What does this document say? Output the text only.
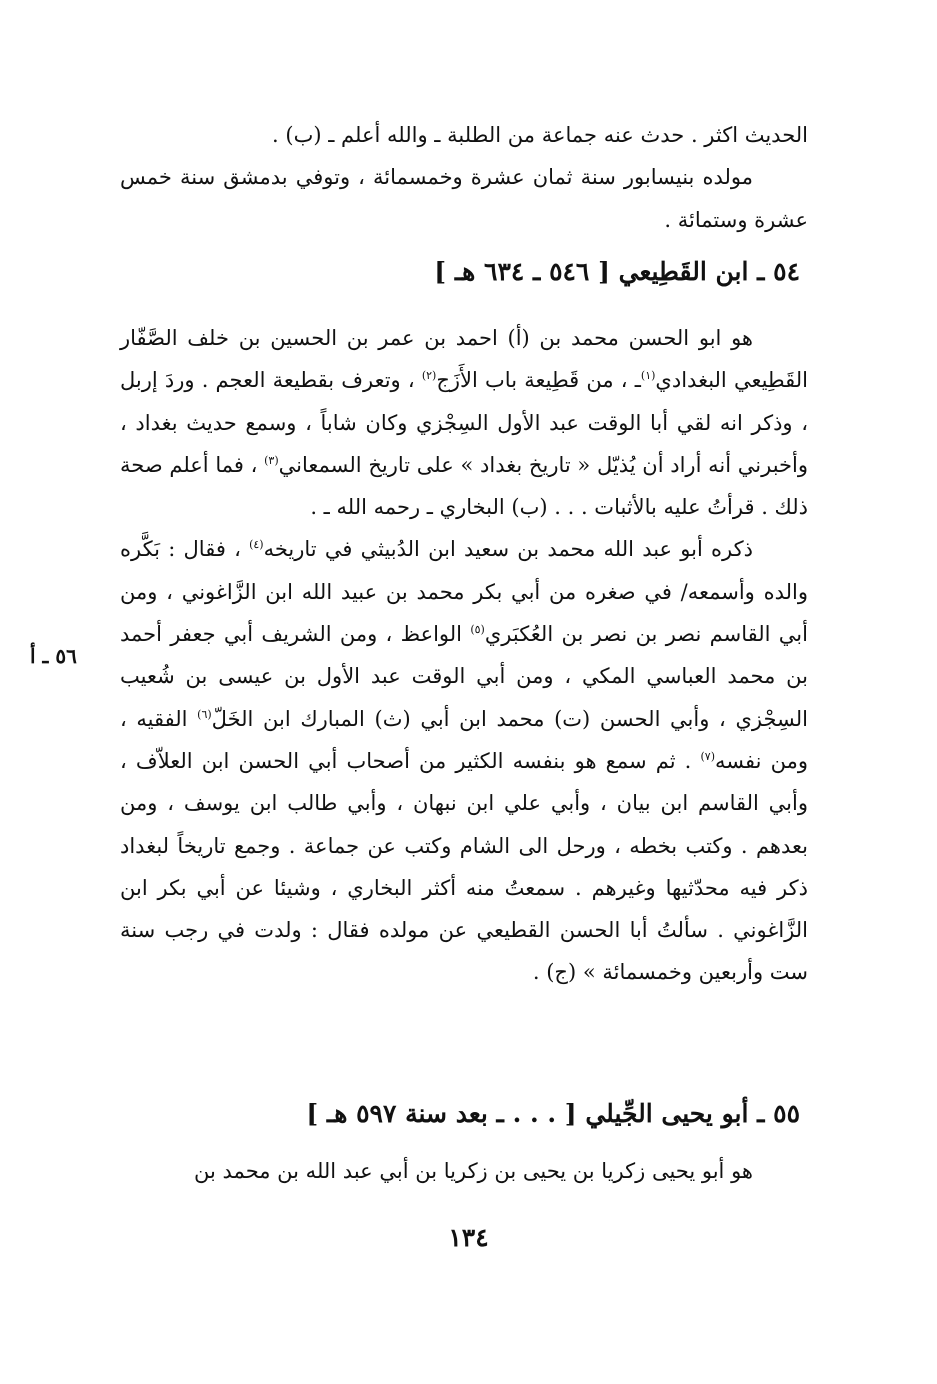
الحديث اكثر . حدث عنه جماعة من الطلبة ـ والله أعلم ـ (ب) .

مولده بنيسابور سنة ثمان عشرة وخمسمائة ، وتوفي بدمشق سنة خمس عشرة وستمائة .

٥٤ ـ ابن القَطِيعي [ ٥٤٦ ـ ٦٣٤ هـ ]

هو ابو الحسن محمد بن (أ) احمد بن عمر بن الحسين بن خلف الصَّفّار القَطِيعي البغدادي$^{(١)}$ـ ، من قَطِيعة باب الأَزَج$^{(٢)}$ ، وتعرف بقطيعة العجم . وردَ إربل ، وذكر انه لقي أبا الوقت عبد الأول السِجْزي وكان شاباً ، وسمع حديث بغداد ، وأخبرني أنه أراد أن يُذيّل « تاريخ بغداد » على تاريخ السمعاني$^{(٣)}$ ، فما أعلم صحة ذلك . قرأتُ عليه بالأثبات . . . (ب) البخاري ـ رحمه الله ـ .

ذكره أبو عبد الله محمد بن سعيد ابن الدُبيثي في تاريخه$^{(٤)}$ ، فقال : بَكَّره والده وأسمعه/ في صغره من أبي بكر محمد بن عبيد الله ابن الزَّاغوني ، ومن أبي القاسم نصر بن نصر بن العُكبَري$^{(٥)}$ الواعظ ، ومن الشريف أبي جعفر أحمد بن محمد العباسي المكي ، ومن أبي الوقت عبد الأول بن عيسى بن شُعيب السِجْزي ، وأبي الحسن (ت) محمد ابن أبي (ث) المبارك ابن الخَلّ$^{(٦)}$ الفقيه ، ومن نفسه$^{(٧)}$ . ثم سمع هو بنفسه الكثير من أصحاب أبي الحسن ابن العلاّف ، وأبي القاسم ابن بيان ، وأبي علي ابن نبهان ، وأبي طالب ابن يوسف ، ومن بعدهم . وكتب بخطه ، ورحل الى الشام وكتب عن جماعة . وجمع تاريخاً لبغداد ذكر فيه محدّثيها وغيرهم . سمعتُ منه أكثر البخاري ، وشيئا عن أبي بكر ابن الزَّاغوني . سألتُ أبا الحسن القطيعي عن مولده فقال : ولدت في رجب سنة ست وأربعين وخمسمائة » (ج) .

٥٦ ـ أ
٥٥ ـ أبو يحيى الجِّيلي [ . . . ـ بعد سنة ٥٩٧ هـ ]

هو أبو يحيى زكريا بن يحيى بن زكريا بن أبي عبد الله بن محمد بن

١٣٤
